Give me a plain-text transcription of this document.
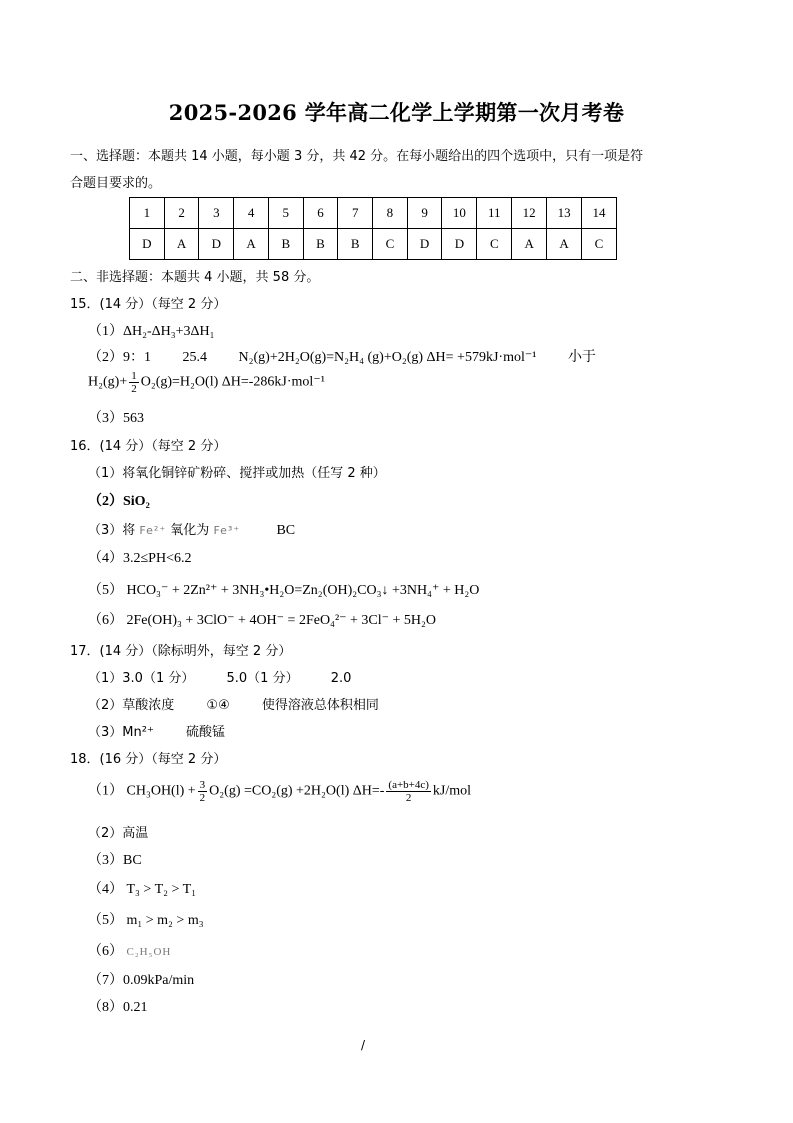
2025-2026 学年高二化学上学期第一次月考卷
一、选择题：本题共 14 小题，每小题 3 分，共 42 分。在每小题给出的四个选项中，只有一项是符
合题目要求的。
1	2	3	4	5	6	7	8	9	10	11	12	13	14
D	A	D	A	B	B	B	C	D	D	C	A	A	C
二、非选择题：本题共 4 小题，共 58 分。
15．(14 分）（每空 2 分）
（1）ΔH₂-ΔH₃+3ΔH₁
（2）9：1 25.4 N₂(g)+2H₂O(g)=N₂H₄ (g)+O₂(g) ΔH= +579kJ·mol⁻¹ 小于
$H_2(g)+ \frac{1}{2} O_2(g)=H_2O(l)$ ΔH=-286kJ·mol⁻¹
（3）563
16．(14 分）（每空 2 分）
（1）将氧化铜锌矿粉碎、搅拌或加热（任写 2 种）
（2）SiO₂
（3）将 Fe²⁺ 氧化为 Fe³⁺	BC
（4）3.2≤PH<6.2
（5） HCO₃⁻ + 2Zn²⁺ + 3NH₃•H₂O=Zn₂(OH)₂CO₃↓ +3NH₄⁺ + H₂O
（6） 2Fe(OH)₃ + 3ClO⁻ + 4OH⁻ = 2FeO₄²⁻ + 3Cl⁻ + 5H₂O
17．(14 分）（除标明外，每空 2 分）
（1）3.0（1 分） 5.0（1 分） 2.0
（2）草酸浓度 ①④ 使得溶液总体积相同
（3）Mn²⁺ 硫酸锰
18．(16 分）（每空 2 分）
（1） $CH_3OH(l) + \frac{3}{2} O_2(g) =CO_2(g) +2H_2O(l)$ $\Delta H=- \frac{(a+b+4c)}{2} kJ/mol$
（2）高温
（3）BC
（4） T₃ > T₂ > T₁
（5） m₁ > m₂ > m₃
（6） C₂H₅OH
（7）0.09kPa/min
（8）0.21
/
